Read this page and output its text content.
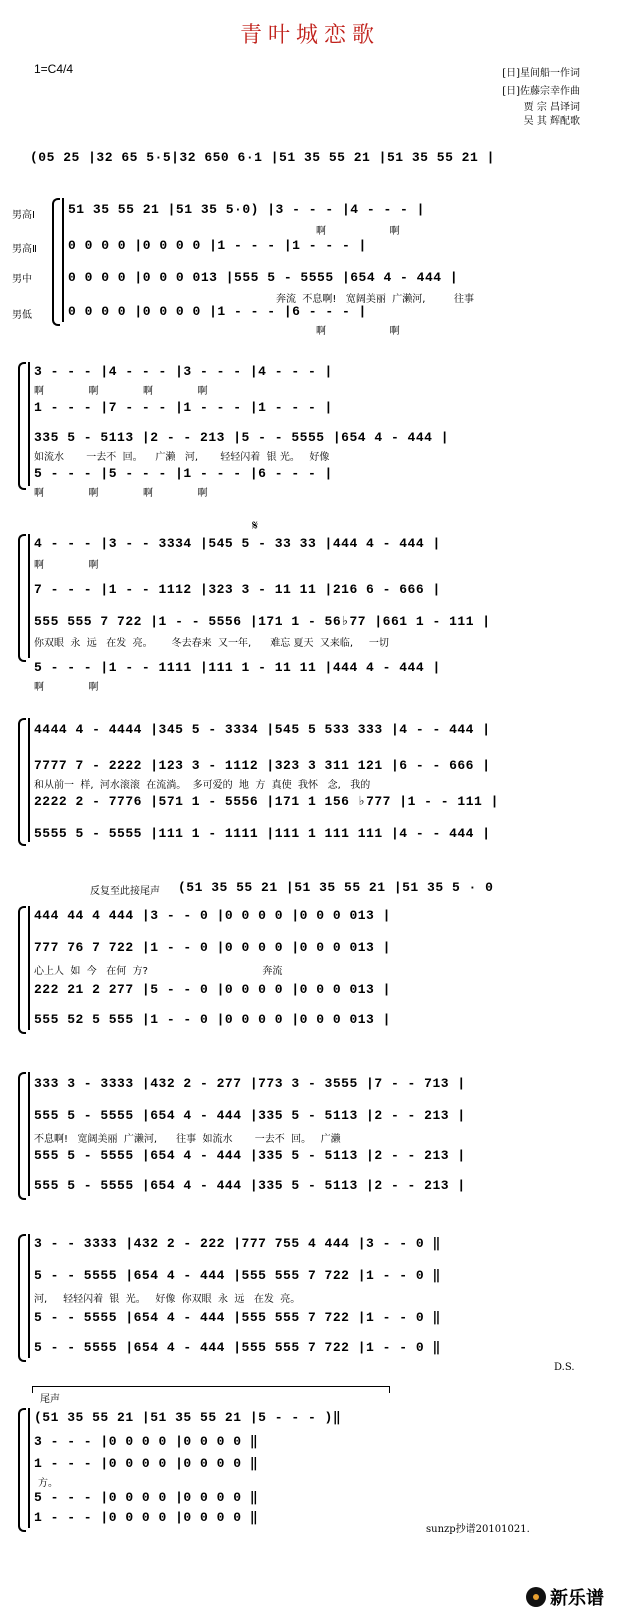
青叶城恋歌
1=C4/4	[日]星间船一作词
[日]佐藤宗幸作曲
贾 宗 昌译词
吴 其 辉配歌
(05 25 |32 65 5·5|32 650 6·1 |51 35 55 21 |51 35 55 21 |
男高Ⅰ
男高Ⅱ
男中
男低
51 35 55 21 |51 35 5·0) |3 - - - |4 - - - |
0 0 0 0 |0 0 0 0 |1 - - - |1 - - - |
0 0 0 0 |0 0 0 013 |555 5 - 5555 |654 4 - 444 |
0 0 0 0 |0 0 0 0 |1 - - - |6 - - - |
啊                    啊
奔流  不息啊!   宽阔美丽  广濑河,         往事
啊                    啊
3 - - - |4 - - - |3 - - - |4 - - - |
1 - - - |7 - - - |1 - - - |1 - - - |
335 5 - 5113 |2 - - 213 |5 - - 5555 |654 4 - 444 |
5 - - - |5 - - - |1 - - - |6 - - - |
啊              啊              啊              啊
如流水       一去不  回。    广濑   河,       轻轻闪着  银 光。   好像
啊              啊              啊              啊
𝄋
4 - - - |3 - - 3334 |545 5 - 33 33 |444 4 - 444 |
7 - - - |1 - - 1112 |323 3 - 11 11 |216 6 - 666 |
555 555 7 722 |1 - - 5556 |171 1 - 56♭77 |661 1 - 111 |
5 - - - |1 - - 1111 |111 1 - 11 11 |444 4 - 444 |
啊              啊
你双眼  永  远   在发  亮。      冬去春来  又一年,      难忘 夏天  又来临,     一切
啊              啊
4444 4 - 4444 |345 5 - 3334 |545 5 533 333 |4 - - 444 |
7777 7 - 2222 |123 3 - 1112 |323 3 311 121 |6 - - 666 |
2222 2 - 7776 |571 1 - 5556 |171 1 156 ♭777 |1 - - 111 |
5555 5 - 5555 |111 1 - 1111 |111 1 111 111 |4 - - 444 |
和从前一  样,  河水滚滚  在流淌。  多可爱的  地  方  真使  我怀   念,   我的
反复至此接尾声 (51 35 55 21 |51 35 55 21 |51 35 5 · 0
444 44 4 444 |3 - - 0 |0 0 0 0 |0 0 0 013 |
777 76 7 722 |1 - - 0 |0 0 0 0 |0 0 0 013 |
222 21 2 277 |5 - - 0 |0 0 0 0 |0 0 0 013 |
555 52 5 555 |1 - - 0 |0 0 0 0 |0 0 0 013 |
心上人  如  今   在何  方?                                    奔流
333 3 - 3333 |432 2 - 277 |773 3 - 3555 |7 - - 713 |
555 5 - 5555 |654 4 - 444 |335 5 - 5113 |2 - - 213 |
555 5 - 5555 |654 4 - 444 |335 5 - 5113 |2 - - 213 |
555 5 - 5555 |654 4 - 444 |335 5 - 5113 |2 - - 213 |
不息啊!   宽阔美丽  广濑河,      往事  如流水       一去不  回。   广濑
3 - - 3333 |432 2 - 222 |777 755 4 444 |3 - - 0 ‖
5 - - 5555 |654 4 - 444 |555 555 7 722 |1 - - 0 ‖
5 - - 5555 |654 4 - 444 |555 555 7 722 |1 - - 0 ‖
5 - - 5555 |654 4 - 444 |555 555 7 722 |1 - - 0 ‖
河,     轻轻闪着  银  光。   好像  你双眼  永  远   在发  亮。
D.S.
尾声
(51 35 55 21 |51 35 55 21 |5 - - - )‖
3 - - - |0 0 0 0 |0 0 0 0 ‖
1 - - - |0 0 0 0 |0 0 0 0 ‖
方。
5 - - - |0 0 0 0 |0 0 0 0 ‖
1 - - - |0 0 0 0 |0 0 0 0 ‖
sunzp抄谱20101021.
新乐谱
